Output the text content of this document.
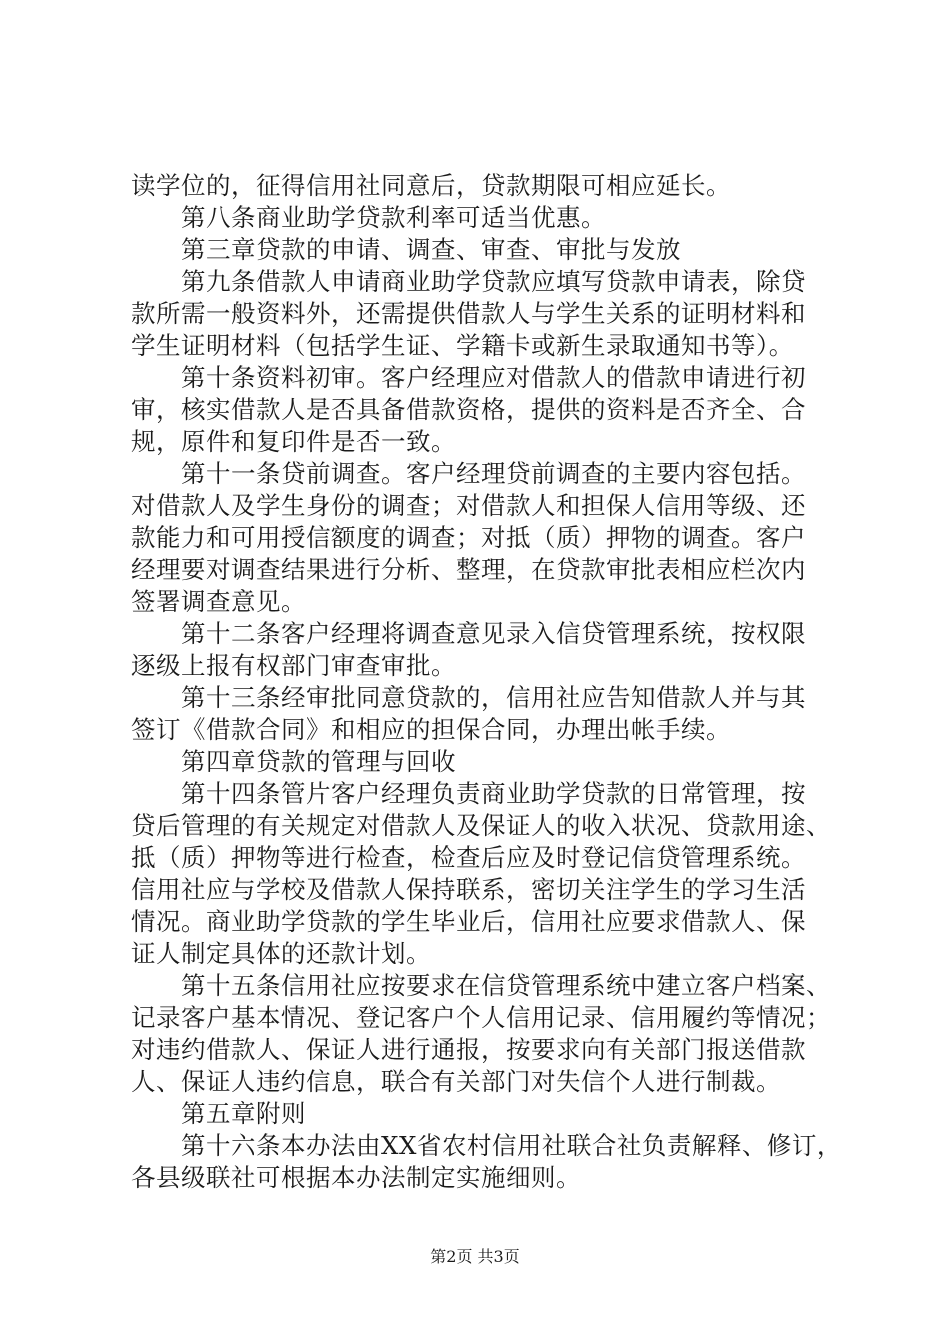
读学位的，征得信用社同意后，贷款期限可相应延长。
　　第八条商业助学贷款利率可适当优惠。
　　第三章贷款的申请、调查、审查、审批与发放
　　第九条借款人申请商业助学贷款应填写贷款申请表，除贷
款所需一般资料外，还需提供借款人与学生关系的证明材料和
学生证明材料（包括学生证、学籍卡或新生录取通知书等）。
　　第十条资料初审。客户经理应对借款人的借款申请进行初
审，核实借款人是否具备借款资格，提供的资料是否齐全、合
规，原件和复印件是否一致。
　　第十一条贷前调查。客户经理贷前调查的主要内容包括。
对借款人及学生身份的调查；对借款人和担保人信用等级、还
款能力和可用授信额度的调查；对抵（质）押物的调查。客户
经理要对调查结果进行分析、整理，在贷款审批表相应栏次内
签署调查意见。
　　第十二条客户经理将调查意见录入信贷管理系统，按权限
逐级上报有权部门审查审批。
　　第十三条经审批同意贷款的，信用社应告知借款人并与其
签订《借款合同》和相应的担保合同，办理出帐手续。
　　第四章贷款的管理与回收
　　第十四条管片客户经理负责商业助学贷款的日常管理，按
贷后管理的有关规定对借款人及保证人的收入状况、贷款用途、
抵（质）押物等进行检查，检查后应及时登记信贷管理系统。
信用社应与学校及借款人保持联系，密切关注学生的学习生活
情况。商业助学贷款的学生毕业后，信用社应要求借款人、保
证人制定具体的还款计划。
　　第十五条信用社应按要求在信贷管理系统中建立客户档案、
记录客户基本情况、登记客户个人信用记录、信用履约等情况；
对违约借款人、保证人进行通报，按要求向有关部门报送借款
人、保证人违约信息，联合有关部门对失信个人进行制裁。
　　第五章附则
　　第十六条本办法由XX省农村信用社联合社负责解释、修订，
各县级联社可根据本办法制定实施细则。
第2页 共3页
